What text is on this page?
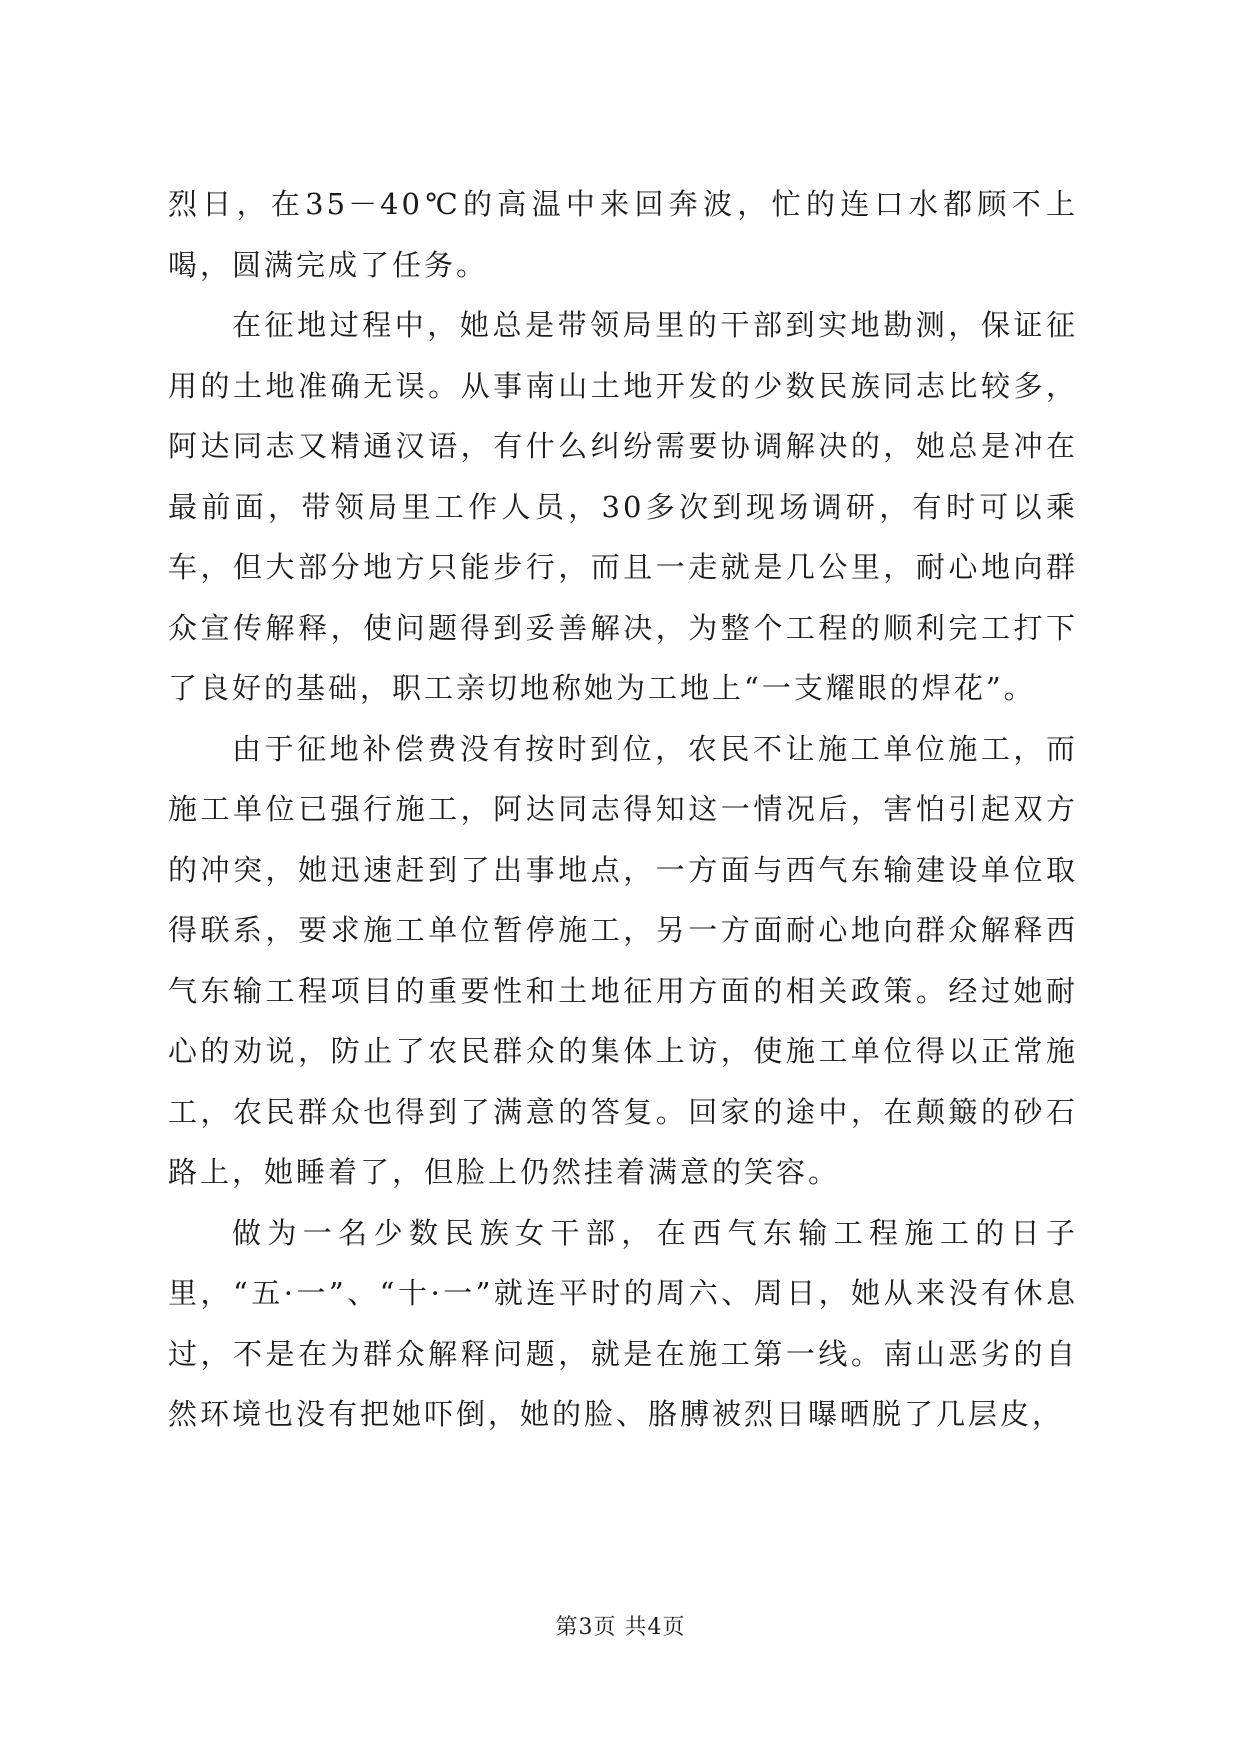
烈日，在35－40℃的高温中来回奔波，忙的连口水都顾不上喝，圆满完成了任务。

在征地过程中，她总是带领局里的干部到实地勘测，保证征用的土地准确无误。从事南山土地开发的少数民族同志比较多，阿达同志又精通汉语，有什么纠纷需要协调解决的，她总是冲在最前面，带领局里工作人员，30多次到现场调研，有时可以乘车，但大部分地方只能步行，而且一走就是几公里，耐心地向群众宣传解释，使问题得到妥善解决，为整个工程的顺利完工打下了良好的基础，职工亲切地称她为工地上“一支耀眼的焊花”。

由于征地补偿费没有按时到位，农民不让施工单位施工，而施工单位已强行施工，阿达同志得知这一情况后，害怕引起双方的冲突，她迅速赶到了出事地点，一方面与西气东输建设单位取得联系，要求施工单位暂停施工，另一方面耐心地向群众解释西气东输工程项目的重要性和土地征用方面的相关政策。经过她耐心的劝说，防止了农民群众的集体上访，使施工单位得以正常施工，农民群众也得到了满意的答复。回家的途中，在颠簸的砂石路上，她睡着了，但脸上仍然挂着满意的笑容。

做为一名少数民族女干部，在西气东输工程施工的日子里，“五·一”、“十·一”就连平时的周六、周日，她从来没有休息过，不是在为群众解释问题，就是在施工第一线。南山恶劣的自然环境也没有把她吓倒，她的脸、胳膊被烈日曝晒脱了几层皮，

第3页 共4页
